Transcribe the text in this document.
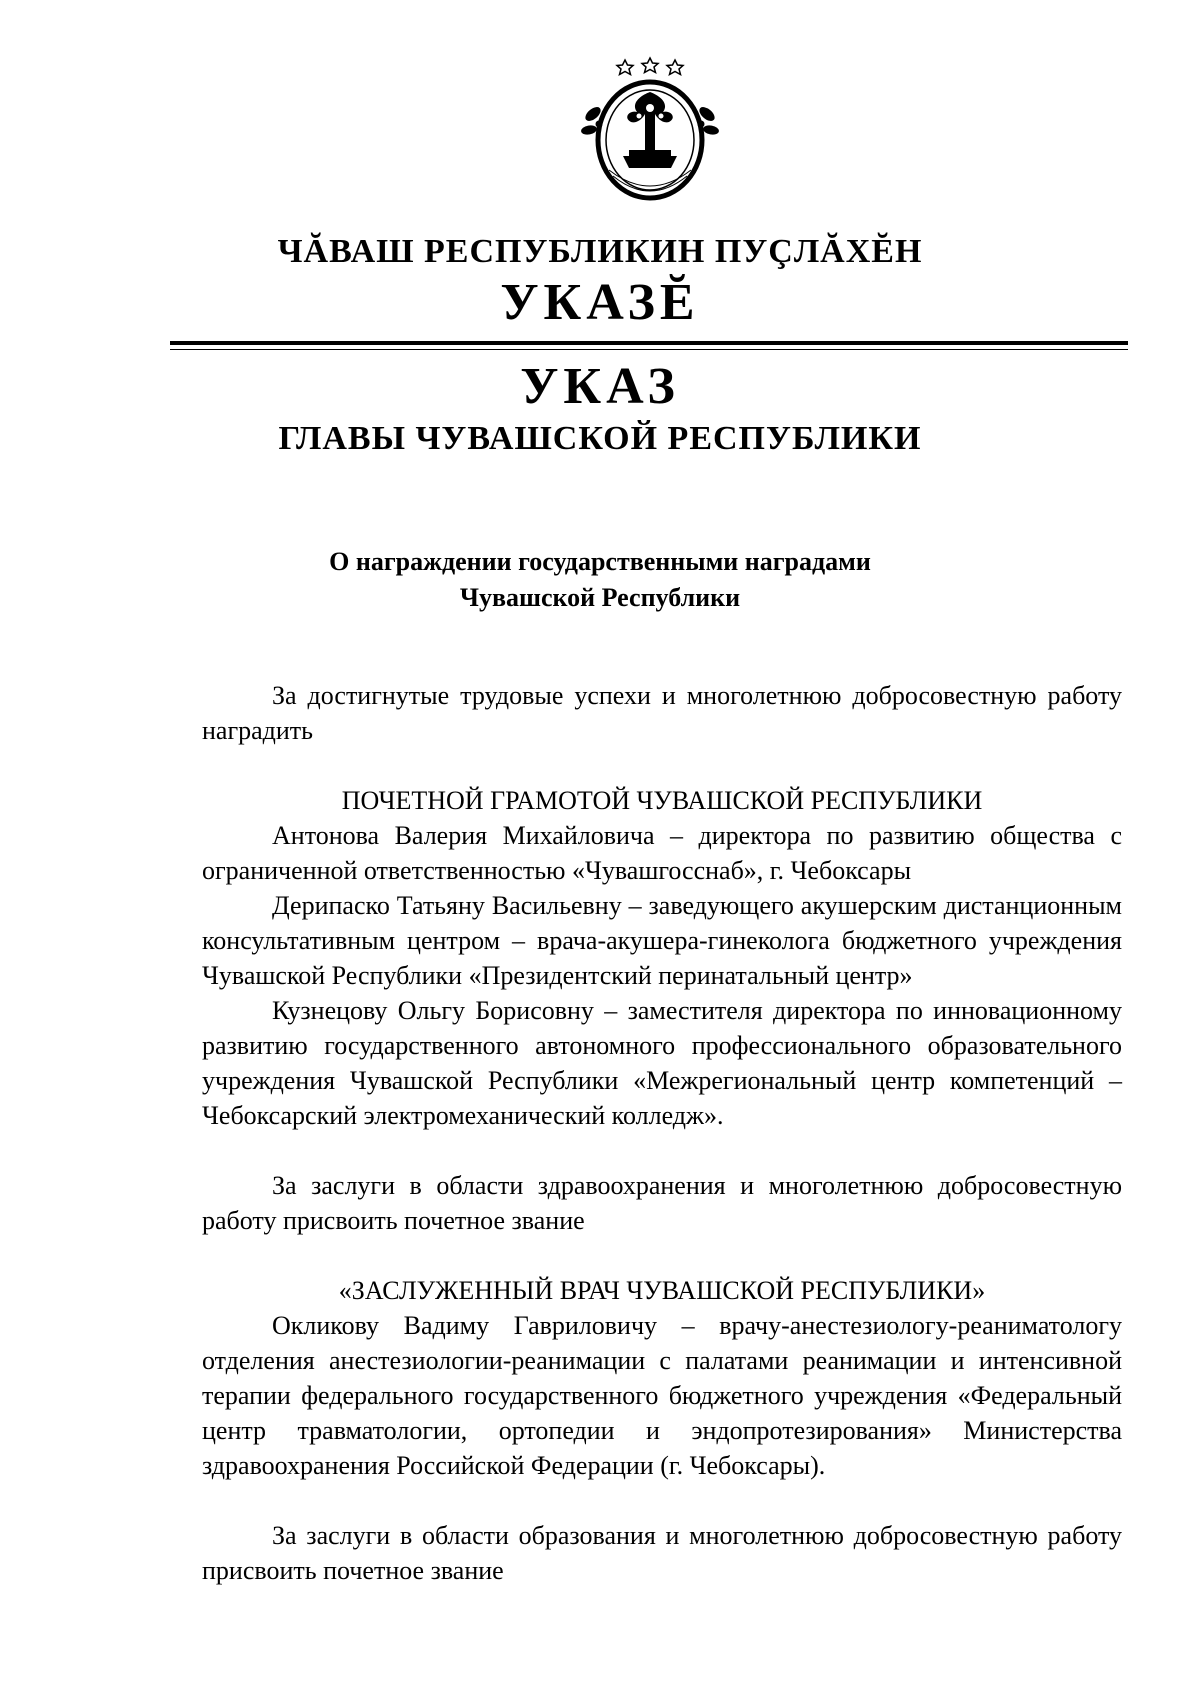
ЧĂВАШ РЕСПУБЛИКИН ПУÇЛĂХĔН
УКАЗĔ
УКАЗ
ГЛАВЫ ЧУВАШСКОЙ РЕСПУБЛИКИ
О награждении государственными наградами
Чувашской Республики

За достигнутые трудовые успехи и многолетнюю добросовестную работу наградить

ПОЧЕТНОЙ ГРАМОТОЙ ЧУВАШСКОЙ РЕСПУБЛИКИ

Антонова Валерия Михайловича – директора по развитию общества с ограниченной ответственностью «Чувашгосснаб», г. Чебоксары

Дерипаско Татьяну Васильевну – заведующего акушерским дистанционным консультативным центром – врача-акушера-гинеколога бюджетного учреждения Чувашской Республики «Президентский перинатальный центр»

Кузнецову Ольгу Борисовну – заместителя директора по инновационному развитию государственного автономного профессионального образовательного учреждения Чувашской Республики «Межрегиональный центр компетенций – Чебоксарский электромеханический колледж».

За заслуги в области здравоохранения и многолетнюю добросовестную работу присвоить почетное звание

«ЗАСЛУЖЕННЫЙ ВРАЧ ЧУВАШСКОЙ РЕСПУБЛИКИ»

Окликову Вадиму Гавриловичу – врачу-анестезиологу-реаниматологу отделения анестезиологии-реанимации с палатами реанимации и интенсивной терапии федерального государственного бюджетного учреждения «Федеральный центр травматологии, ортопедии и эндопротезирования» Министерства здравоохранения Российской Федерации (г. Чебоксары).

За заслуги в области образования и многолетнюю добросовестную работу присвоить почетное звание
